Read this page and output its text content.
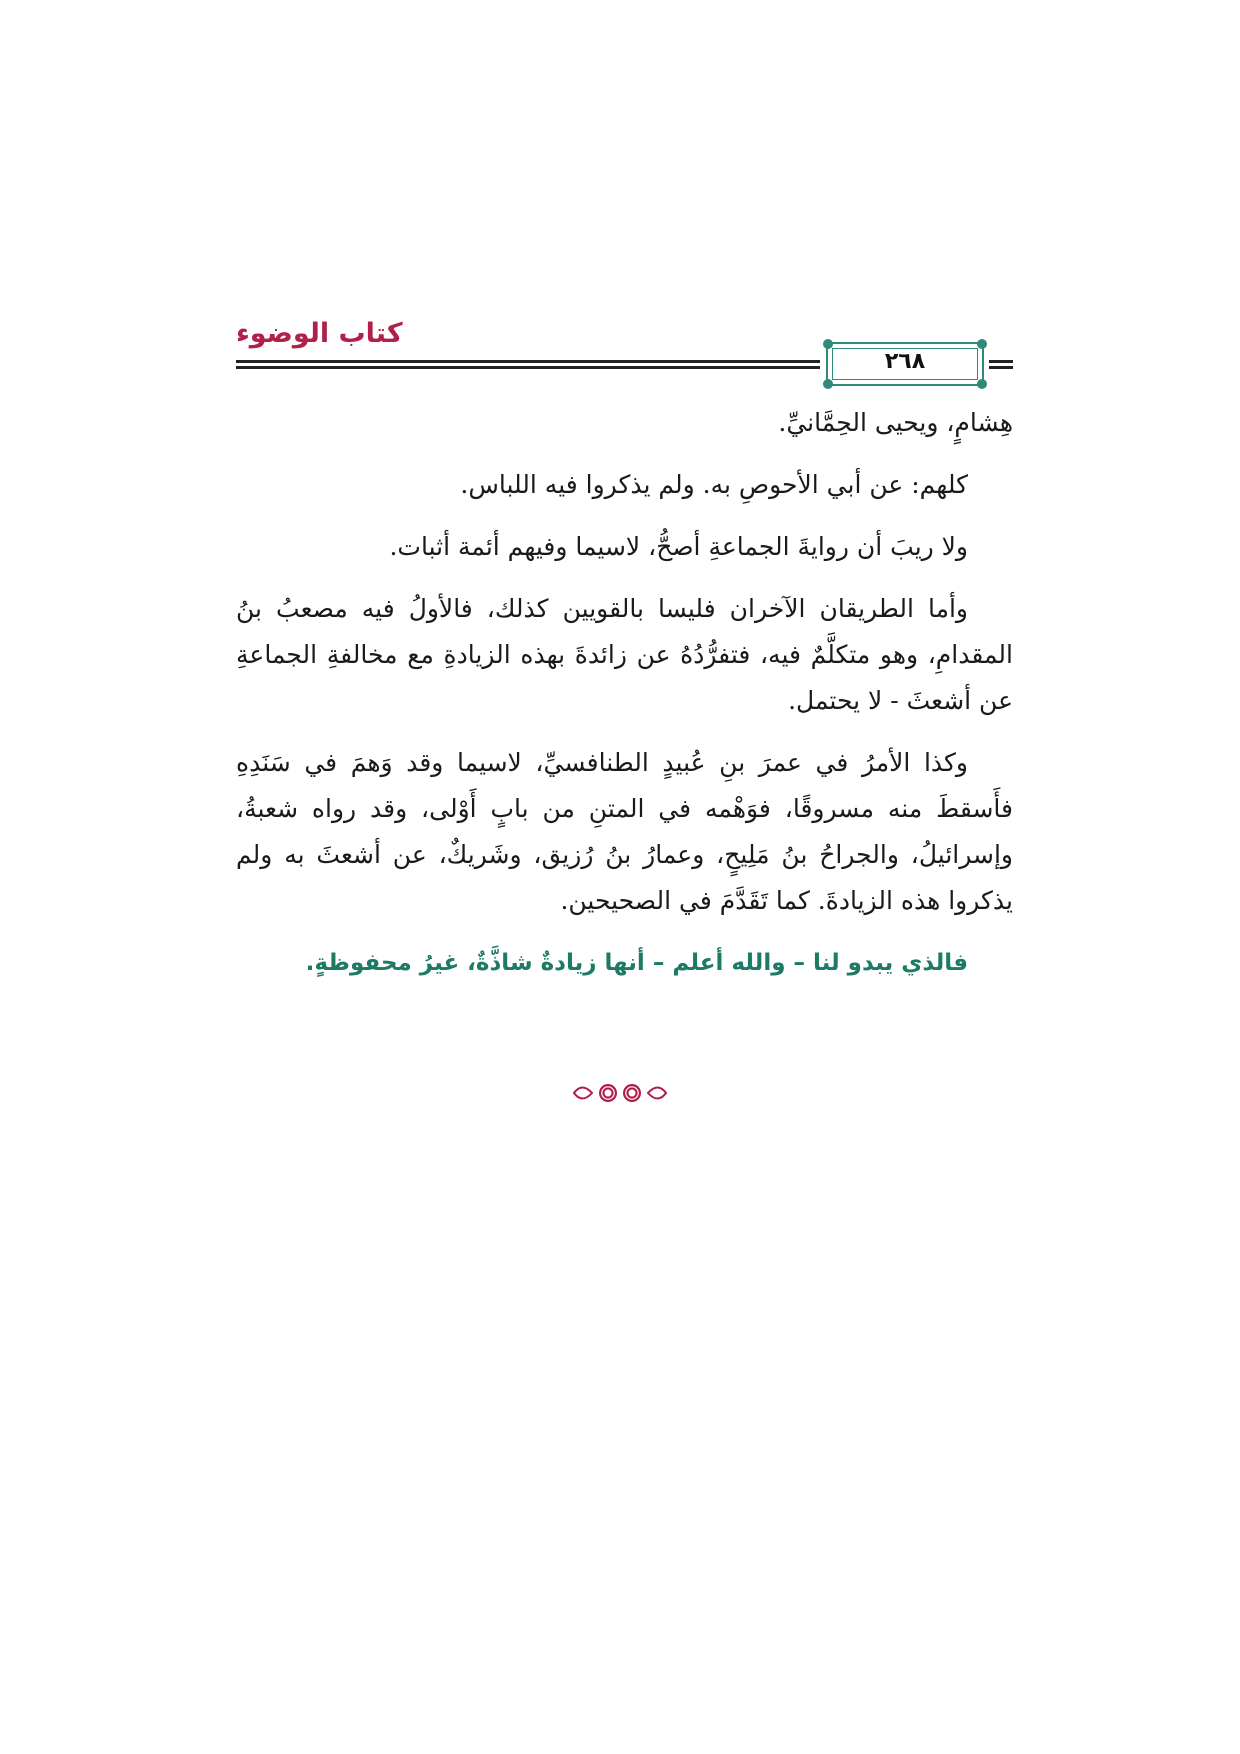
كتاب الوضوء
٢٦٨

هِشامٍ، ويحيى الحِمَّانيِّ.

كلهم: عن أبي الأحوصِ به. ولم يذكروا فيه اللباس.

ولا ريبَ أن روايةَ الجماعةِ أصحُّ، لاسيما وفيهم أئمة أثبات.

وأما الطريقان الآخران فليسا بالقويين كذلك، فالأولُ فيه مصعبُ بنُ المقدامِ، وهو متكلَّمٌ فيه، فتفرُّدُهُ عن زائدةَ بهذه الزيادةِ مع مخالفةِ الجماعةِ عن أشعثَ - لا يحتمل.

وكذا الأمرُ في عمرَ بنِ عُبيدٍ الطنافسيِّ، لاسيما وقد وَهمَ في سَنَدِهِ فأَسقطَ منه مسروقًا، فوَهْمه في المتنِ من بابٍ أَوْلى، وقد رواه شعبةُ، وإسرائيلُ، والجراحُ بنُ مَلِيحٍ، وعمارُ بنُ رُزيق، وشَريكٌ، عن أشعثَ به ولم يذكروا هذه الزيادةَ. كما تَقَدَّمَ في الصحيحين.

فالذي يبدو لنا – والله أعلم – أنها زيادةٌ شاذَّةٌ، غيرُ محفوظةٍ.
